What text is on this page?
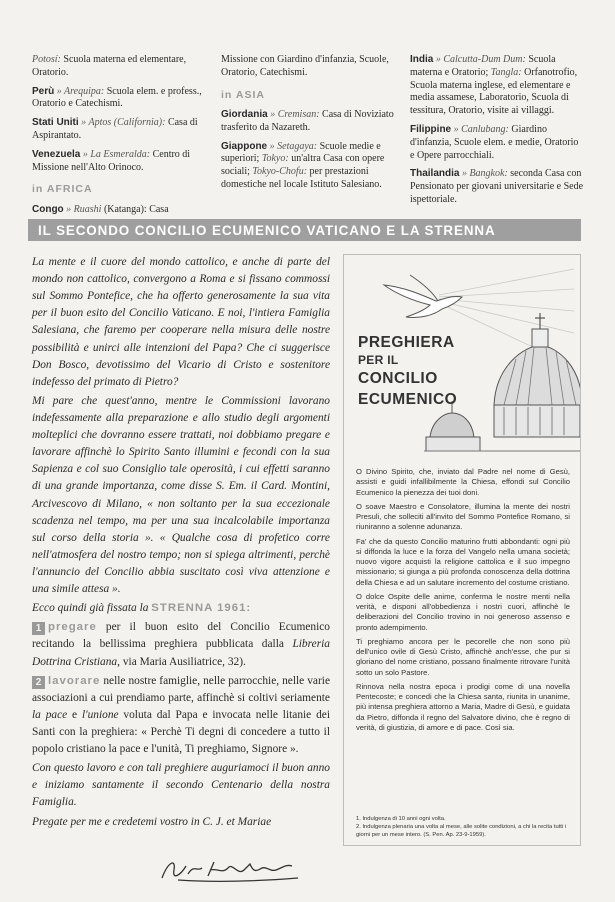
Potosí: Scuola materna ed elementare, Oratorio.

Perù » Arequipa: Scuola elem. e profess., Oratorio e Catechismi.

Stati Uniti » Aptos (California): Casa di Aspirantato.

Venezuela » La Esmeralda: Centro di Missione nell'Alto Orinoco.

in AFRICA

Congo » Ruashi (Katanga): Casa

Missione con Giardino d'infanzia, Scuole, Oratorio, Catechismi.

in ASIA

Giordania » Cremisan: Casa di Noviziato trasferito da Nazareth.

Giappone » Setagaya: Scuole medie e superiori; Tokyo: un'altra Casa con opere sociali; Tokyo-Chofu: per prestazioni domestiche nel locale Istituto Salesiano.

India » Calcutta-Dum Dum: Scuola materna e Oratorio; Tangla: Orfanotrofio, Scuola materna inglese, ed elementare e media assamese, Laboratorio, Scuola di tessitura, Oratorio, visite ai villaggi.

Filippine » Canlubang: Giardino d'infanzia, Scuole elem. e medie, Oratorio e Opere parrocchiali.

Thailandia » Bangkok: seconda Casa con Pensionato per giovani universitarie e Sede ispettoriale.

IL SECONDO CONCILIO ECUMENICO VATICANO E LA STRENNA

La mente e il cuore del mondo cattolico, e anche di parte del mondo non cattolico, convergono a Roma e si fissano commossi sul Sommo Pontefice, che ha offerto generosamente la sua vita per il buon esito del Concilio Vaticano. E noi, l'intiera Famiglia Salesiana, che faremo per cooperare nella misura delle nostre possibilità e unirci alle intenzioni del Papa? Che ci suggerisce Don Bosco, devotissimo del Vicario di Cristo e sostenitore indefesso del primato di Pietro?

Mi pare che quest'anno, mentre le Commissioni lavorano indefessamente alla preparazione e allo studio degli argomenti molteplici che dovranno essere trattati, noi dobbiamo pregare e lavorare affinchè lo Spirito Santo illumini e fecondi con la sua Sapienza e col suo Consiglio tale operosità, i cui effetti saranno di una grande importanza, come disse S. Em. il Card. Montini, Arcivescovo di Milano, « non soltanto per la sua eccezionale scadenza nel tempo, ma per una sua incalcolabile importanza sul corso della storia ». « Qualche cosa di profetico corre nell'atmosfera del nostro tempo; non si spiega altrimenti, perchè l'annuncio del Concilio abbia suscitato così viva attenzione e una simile attesa ».

Ecco quindi già fissata la STRENNA 1961:

1 pregare per il buon esito del Concilio Ecumenico recitando la bellissima preghiera pubblicata dalla Libreria Dottrina Cristiana, via Maria Ausiliatrice, 32).

2 lavorare nelle nostre famiglie, nelle parrocchie, nelle varie associazioni a cui prendiamo parte, affinchè si coltivi seriamente la pace e l'unione voluta dal Papa e invocata nelle litanie dei Santi con la preghiera: « Perchè Ti degni di concedere a tutto il popolo cristiano la pace e l'unità, Ti preghiamo, Signore ».

Con questo lavoro e con tali preghiere auguriamoci il buon anno e iniziamo santamente il secondo Centenario della nostra Famiglia.

Pregate per me e credetemi vostro in C. J. et Mariae

PREGHIERA
PER IL
CONCILIO
ECUMENICO

O Divino Spirito, che, inviato dal Padre nel nome di Gesù, assisti e guidi infallibilmente la Chiesa, effondi sul Concilio Ecumenico la pienezza dei tuoi doni.

O soave Maestro e Consolatore, illumina la mente dei nostri Presuli, che solleciti all'invito del Sommo Pontefice Romano, si riuniranno a solenne adunanza.

Fa' che da questo Concilio maturino frutti abbondanti: ogni più si diffonda la luce e la forza del Vangelo nella umana società; nuovo vigore acquisti la religione cattolica e il suo impegno missionario; si giunga a più profonda conoscenza della dottrina della Chiesa e ad un salutare incremento del costume cristiano.

O dolce Ospite delle anime, conferma le nostre menti nella verità, e disponi all'obbedienza i nostri cuori, affinchè le deliberazioni del Concilio trovino in noi generoso assenso e pronto adempimento.

Ti preghiamo ancora per le pecorelle che non sono più dell'unico ovile di Gesù Cristo, affinchè anch'esse, che pur si gloriano del nome cristiano, possano finalmente ritrovare l'unità sotto un solo Pastore.

Rinnova nella nostra epoca i prodigi come di una novella Pentecoste; e concedi che la Chiesa santa, riunita in unanime, più intensa preghiera attorno a Maria, Madre di Gesù, e guidata da Pietro, diffonda il regno del Salvatore divino, che è regno di verità, di giustizia, di amore e di pace. Così sia.

1. Indulgenza di 10 anni ogni volta.

2. Indulgenza plenaria una volta al mese, alle solite condizioni, a chi la recita tutti i giorni per un mese intero. (S. Pen. Ap. 23-9-1959).
